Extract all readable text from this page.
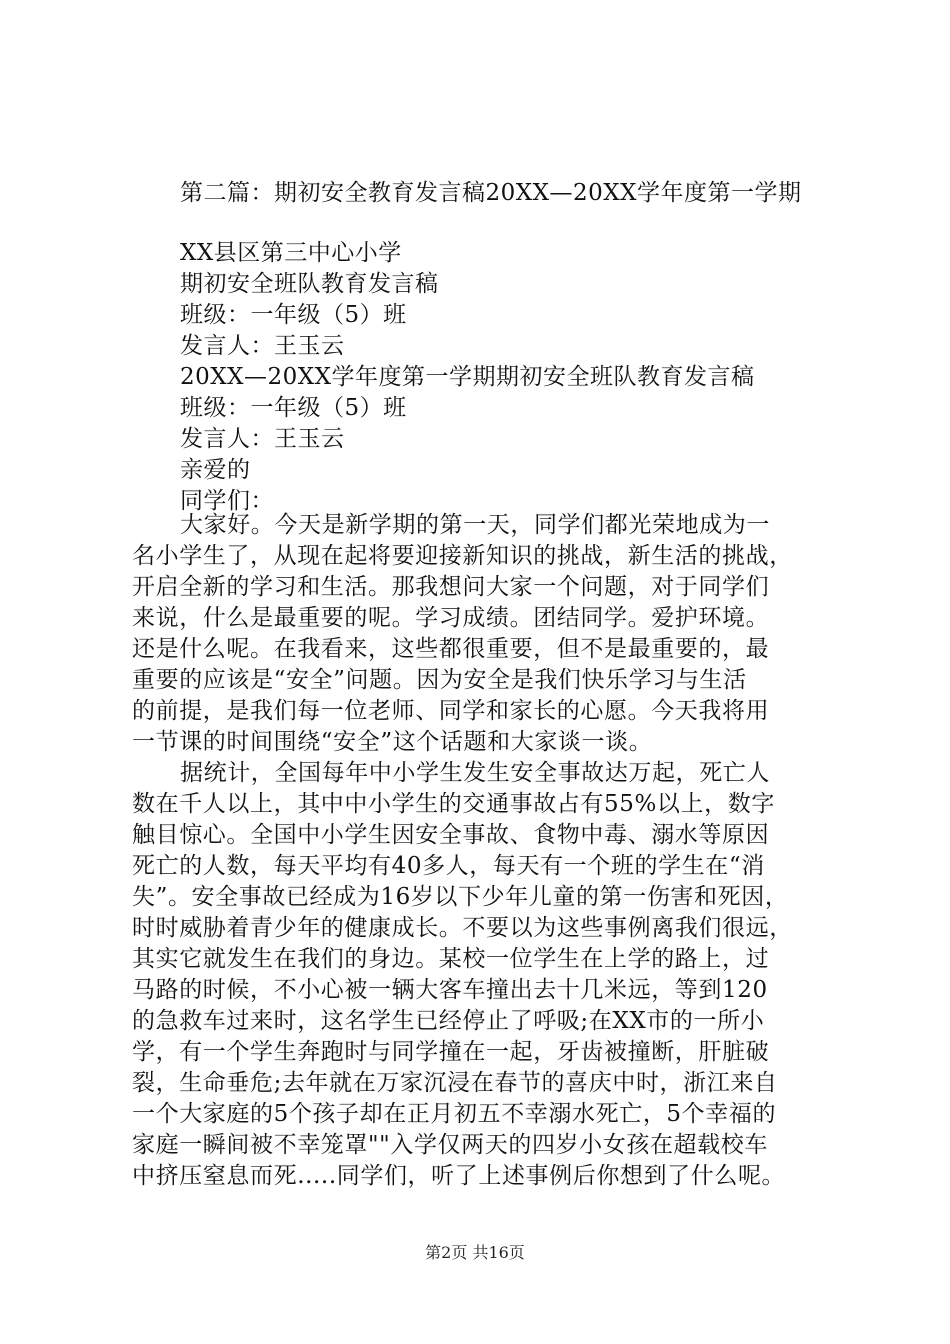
第二篇：期初安全教育发言稿20XX—20XX学年度第一学期
XX县区第三中心小学
期初安全班队教育发言稿
班级：一年级（5）班
发言人：王玉云
20XX—20XX学年度第一学期期初安全班队教育发言稿
班级：一年级（5）班
发言人：王玉云
亲爱的
同学们：
大家好。今天是新学期的第一天，同学们都光荣地成为一
名小学生了，从现在起将要迎接新知识的挑战，新生活的挑战，
开启全新的学习和生活。那我想问大家一个问题，对于同学们
来说，什么是最重要的呢。学习成绩。团结同学。爱护环境。
还是什么呢。在我看来，这些都很重要，但不是最重要的，最
重要的应该是“安全”问题。因为安全是我们快乐学习与生活
的前提，是我们每一位老师、同学和家长的心愿。今天我将用
一节课的时间围绕“安全”这个话题和大家谈一谈。
据统计，全国每年中小学生发生安全事故达万起，死亡人
数在千人以上，其中中小学生的交通事故占有55%以上，数字
触目惊心。全国中小学生因安全事故、食物中毒、溺水等原因
死亡的人数，每天平均有40多人，每天有一个班的学生在“消
失”。安全事故已经成为16岁以下少年儿童的第一伤害和死因，
时时威胁着青少年的健康成长。不要以为这些事例离我们很远，
其实它就发生在我们的身边。某校一位学生在上学的路上，过
马路的时候，不小心被一辆大客车撞出去十几米远，等到120
的急救车过来时，这名学生已经停止了呼吸;在XX市的一所小
学，有一个学生奔跑时与同学撞在一起，牙齿被撞断，肝脏破
裂，生命垂危;去年就在万家沉浸在春节的喜庆中时，浙江来自
一个大家庭的5个孩子却在正月初五不幸溺水死亡，5个幸福的
家庭一瞬间被不幸笼罩""入学仅两天的四岁小女孩在超载校车
中挤压窒息而死.....同学们，听了上述事例后你想到了什么呢。
第2页 共16页
